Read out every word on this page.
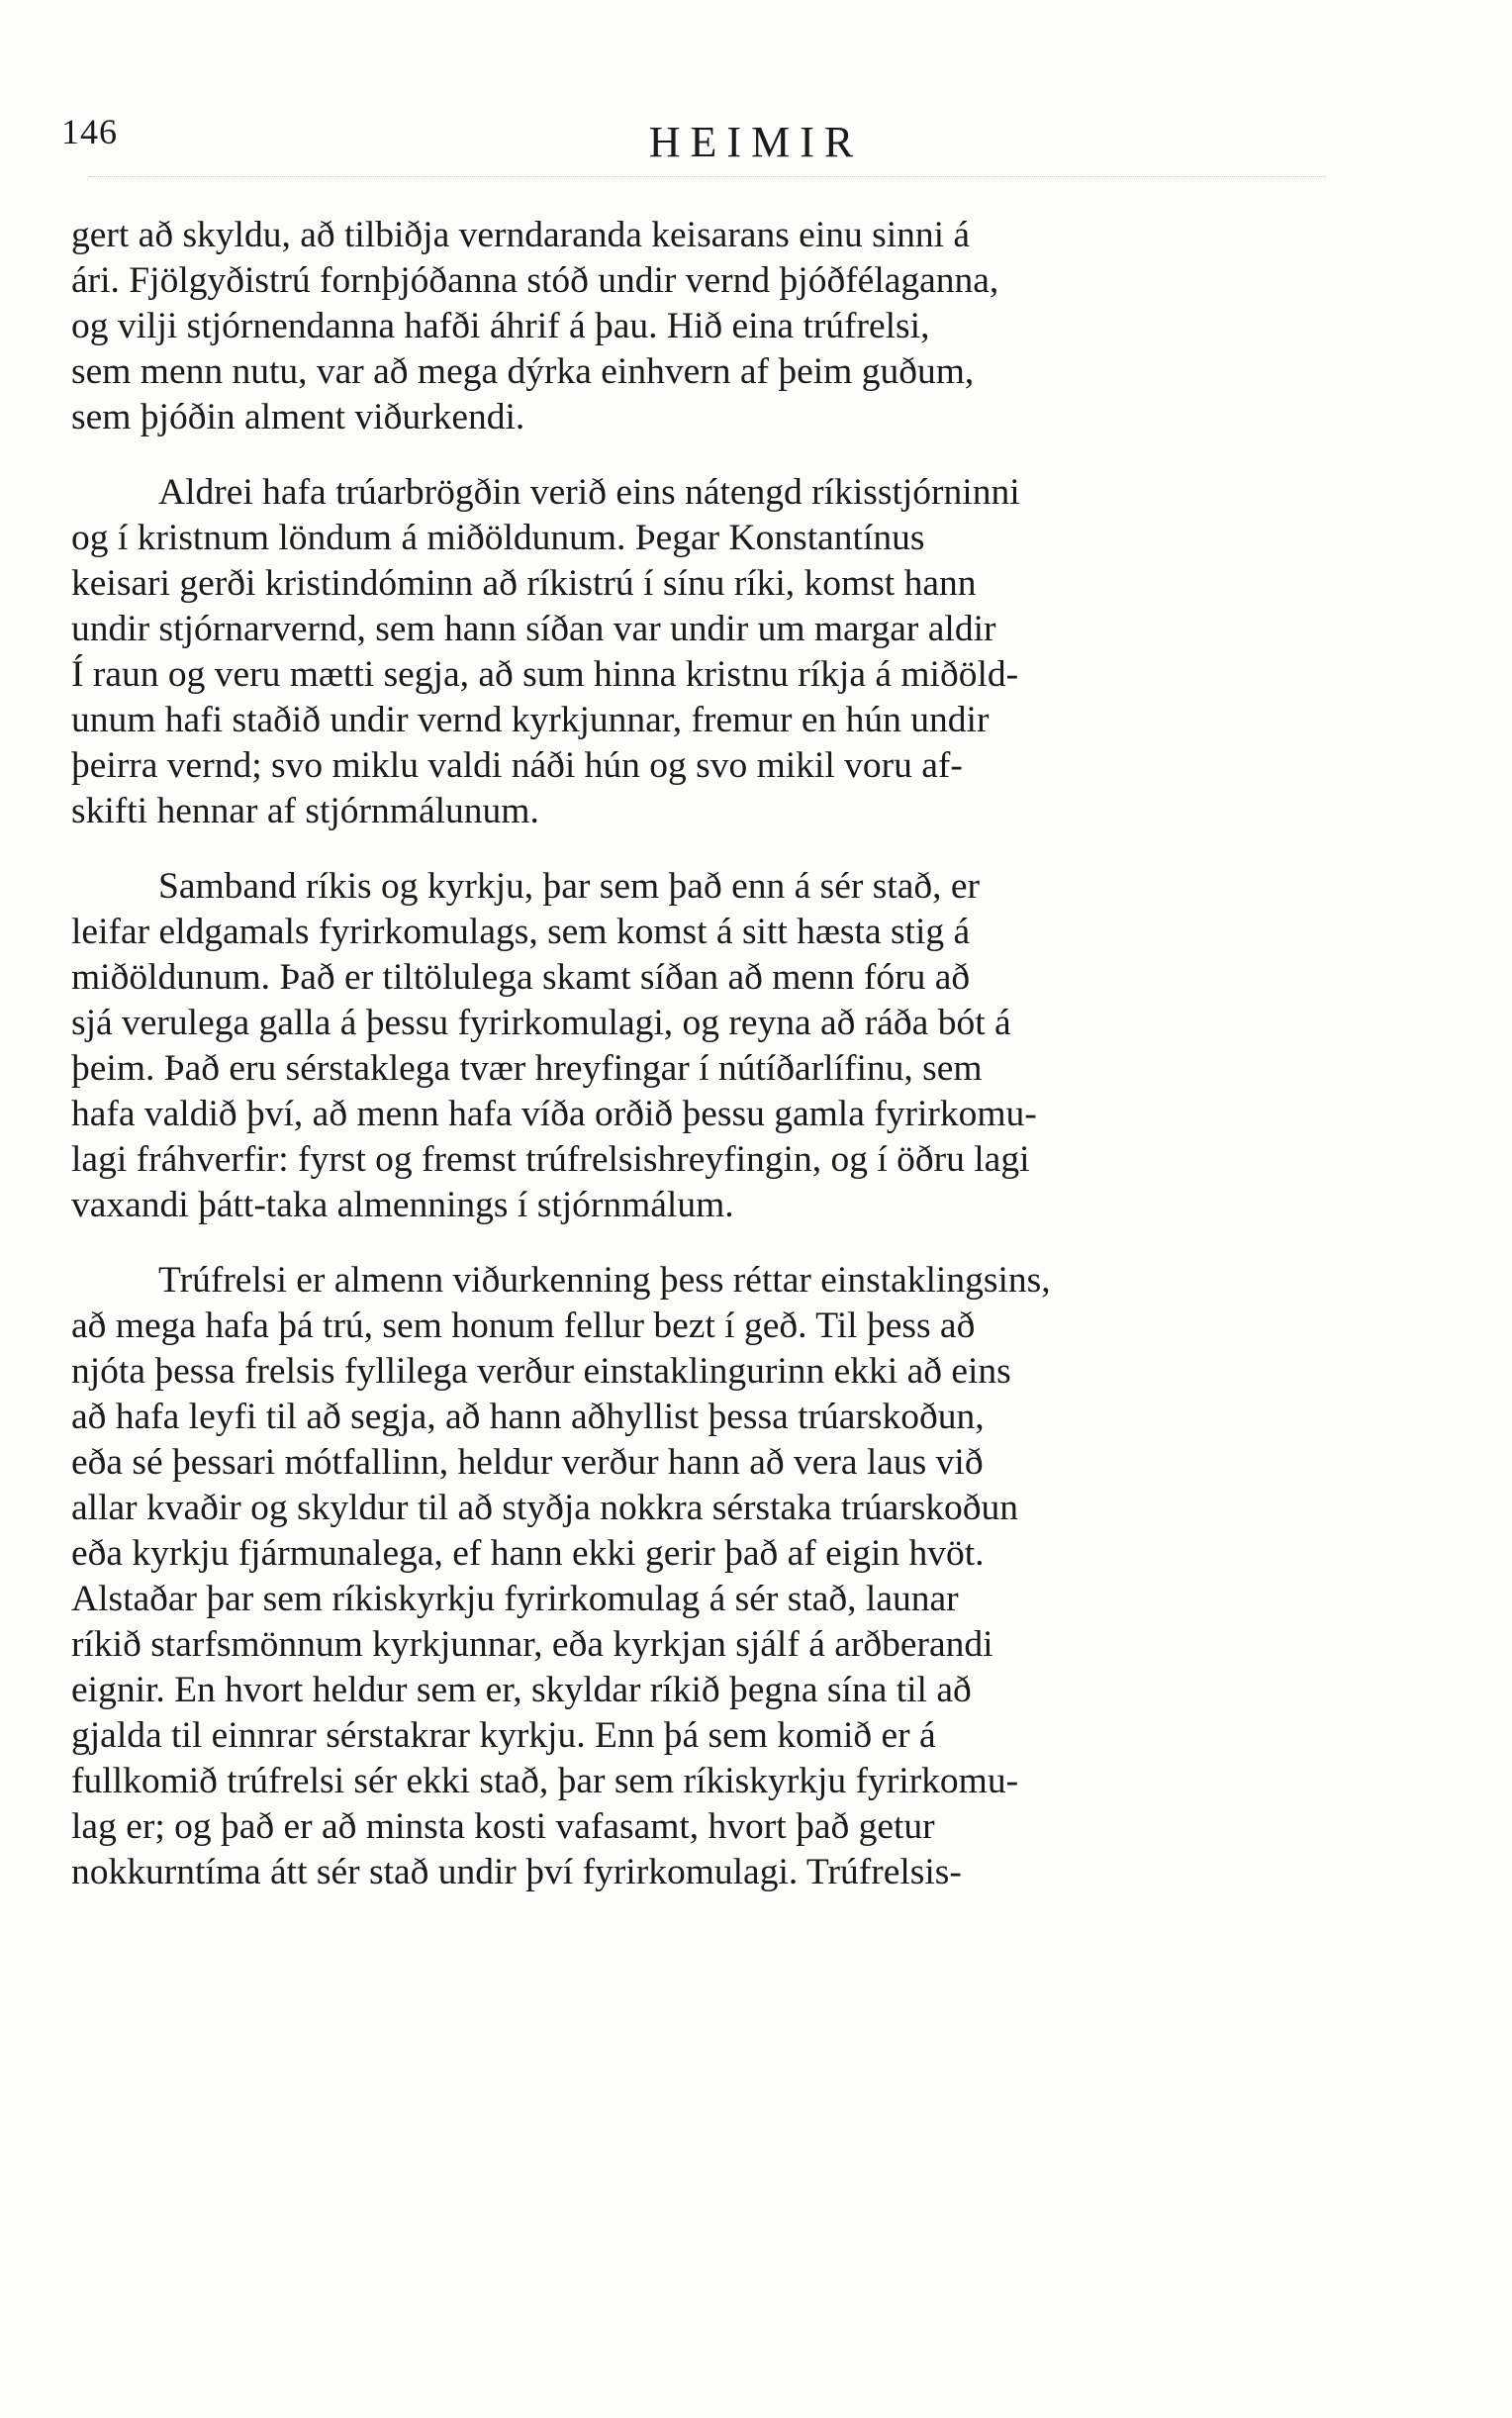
146	HEIMIR
gert að skyldu, að tilbiðja verndaranda keisarans einu sinni á
ári. Fjölgyðistrú fornþjóðanna stóð undir vernd þjóðfélaganna,
og vilji stjórnendanna hafði áhrif á þau. Hið eina trúfrelsi,
sem menn nutu, var að mega dýrka einhvern af þeim guðum,
sem þjóðin alment viðurkendi.
Aldrei hafa trúarbrögðin verið eins nátengd ríkisstjórninni
og í kristnum löndum á miðöldunum. Þegar Konstantínus
keisari gerði kristindóminn að ríkistrú í sínu ríki, komst hann
undir stjórnarvernd, sem hann síðan var undir um margar aldir
Í raun og veru mætti segja, að sum hinna kristnu ríkja á miðöld-
unum hafi staðið undir vernd kyrkjunnar, fremur en hún undir
þeirra vernd; svo miklu valdi náði hún og svo mikil voru af-
skifti hennar af stjórnmálunum.
Samband ríkis og kyrkju, þar sem það enn á sér stað, er
leifar eldgamals fyrirkomulags, sem komst á sitt hæsta stig á
miðöldunum. Það er tiltölulega skamt síðan að menn fóru að
sjá verulega galla á þessu fyrirkomulagi, og reyna að ráða bót á
þeim. Það eru sérstaklega tvær hreyfingar í nútíðarlífinu, sem
hafa valdið því, að menn hafa víða orðið þessu gamla fyrirkomu-
lagi fráhverfir: fyrst og fremst trúfrelsishreyfingin, og í öðru lagi
vaxandi þátt-taka almennings í stjórnmálum.
Trúfrelsi er almenn viðurkenning þess réttar einstaklingsins,
að mega hafa þá trú, sem honum fellur bezt í geð. Til þess að
njóta þessa frelsis fyllilega verður einstaklingurinn ekki að eins
að hafa leyfi til að segja, að hann aðhyllist þessa trúarskoðun,
eða sé þessari mótfallinn, heldur verður hann að vera laus við
allar kvaðir og skyldur til að styðja nokkra sérstaka trúarskoðun
eða kyrkju fjármunalega, ef hann ekki gerir það af eigin hvöt.
Alstaðar þar sem ríkiskyrkju fyrirkomulag á sér stað, launar
ríkið starfsmönnum kyrkjunnar, eða kyrkjan sjálf á arðberandi
eignir. En hvort heldur sem er, skyldar ríkið þegna sína til að
gjalda til einnrar sérstakrar kyrkju. Enn þá sem komið er á
fullkomið trúfrelsi sér ekki stað, þar sem ríkiskyrkju fyrirkomu-
lag er; og það er að minsta kosti vafasamt, hvort það getur
nokkurntíma átt sér stað undir því fyrirkomulagi. Trúfrelsis-
